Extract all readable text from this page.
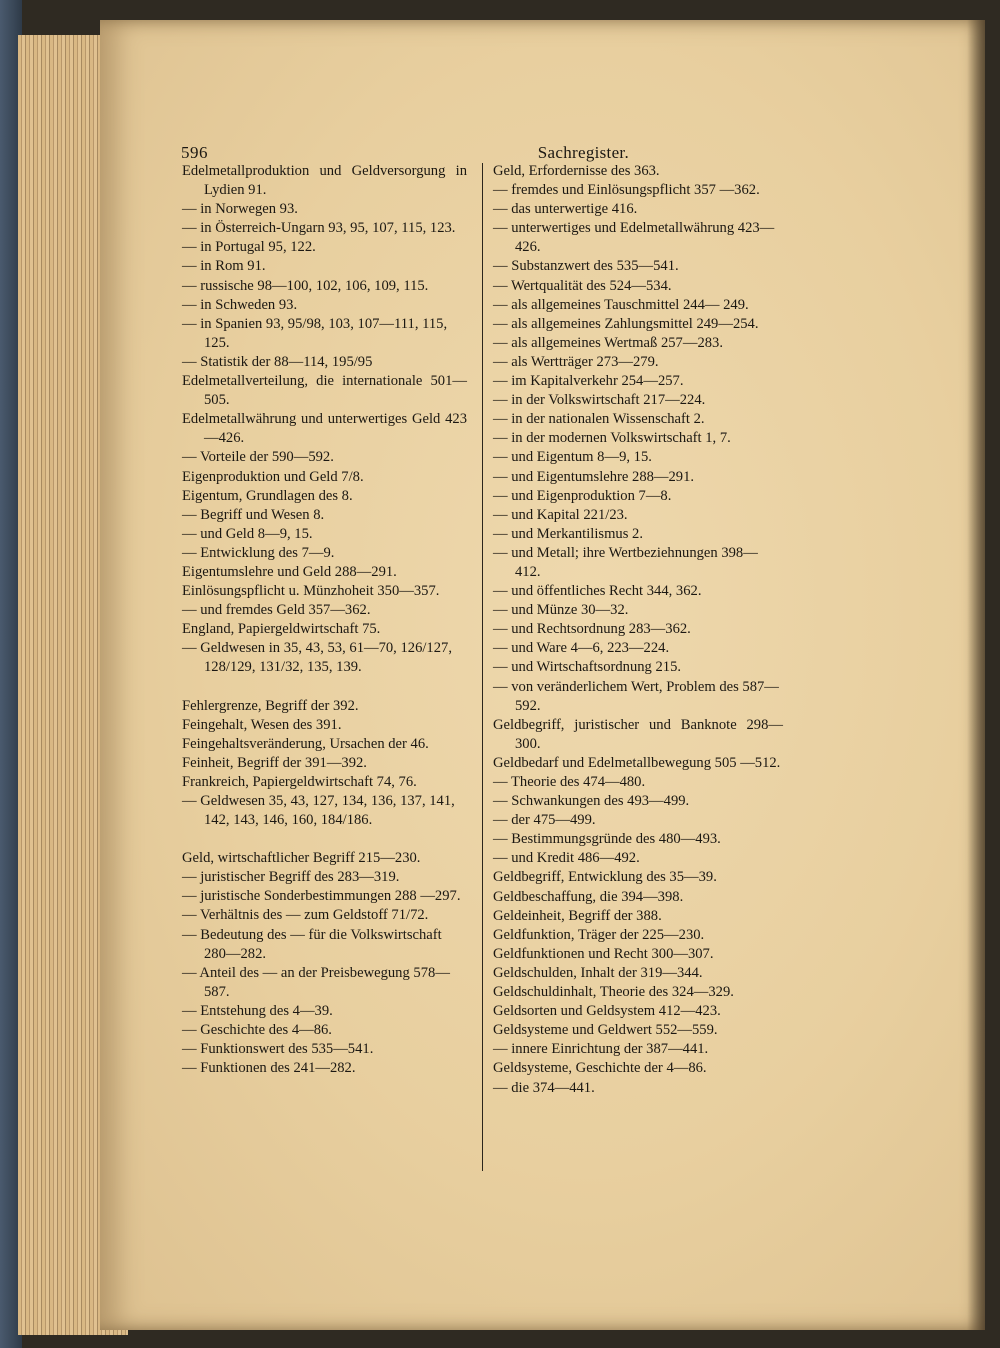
596	Sachregister.
Edelmetallproduktion und Geldversorgung in Lydien 91.
— in Norwegen 93.
— in Österreich-Ungarn 93, 95, 107, 115, 123.
— in Portugal 95, 122.
— in Rom 91.
— russische 98—100, 102, 106, 109, 115.
— in Schweden 93.
— in Spanien 93, 95/98, 103, 107—111, 115, 125.
— Statistik der 88—114, 195/95
Edelmetallverteilung, die internationale 501—505.
Edelmetallwährung und unterwertiges Geld 423—426.
— Vorteile der 590—592.
Eigenproduktion und Geld 7/8.
Eigentum, Grundlagen des 8.
— Begriff und Wesen 8.
— und Geld 8—9, 15.
— Entwicklung des 7—9.
Eigentumslehre und Geld 288—291.
Einlösungspflicht u. Münzhoheit 350—357.
— und fremdes Geld 357—362.
England, Papiergeldwirtschaft 75.
— Geldwesen in 35, 43, 53, 61—70, 126/127, 128/129, 131/32, 135, 139.
Fehlergrenze, Begriff der 392.
Feingehalt, Wesen des 391.
Feingehaltsveränderung, Ursachen der 46.
Feinheit, Begriff der 391—392.
Frankreich, Papiergeldwirtschaft 74, 76.
— Geldwesen 35, 43, 127, 134, 136, 137, 141, 142, 143, 146, 160, 184/186.
Geld, wirtschaftlicher Begriff 215—230.
— juristischer Begriff des 283—319.
— juristische Sonderbestimmungen 288 —297.
— Verhältnis des — zum Geldstoff 71/72.
— Bedeutung des — für die Volkswirtschaft 280—282.
— Anteil des — an der Preisbewegung 578—587.
— Entstehung des 4—39.
— Geschichte des 4—86.
— Funktionswert des 535—541.
— Funktionen des 241—282.
Geld, Erfordernisse des 363.
— fremdes und Einlösungspflicht 357 —362.
— das unterwertige 416.
— unterwertiges und Edelmetallwährung 423—426.
— Substanzwert des 535—541.
— Wertqualität des 524—534.
— als allgemeines Tauschmittel 244— 249.
— als allgemeines Zahlungsmittel 249—254.
— als allgemeines Wertmaß 257—283.
— als Wertträger 273—279.
— im Kapitalverkehr 254—257.
— in der Volkswirtschaft 217—224.
— in der nationalen Wissenschaft 2.
— in der modernen Volkswirtschaft 1, 7.
— und Eigentum 8—9, 15.
— und Eigentumslehre 288—291.
— und Eigenproduktion 7—8.
— und Kapital 221/23.
— und Merkantilismus 2.
— und Metall; ihre Wertbeziehnungen 398—412.
— und öffentliches Recht 344, 362.
— und Münze 30—32.
— und Rechtsordnung 283—362.
— und Ware 4—6, 223—224.
— und Wirtschaftsordnung 215.
— von veränderlichem Wert, Problem des 587—592.
Geldbegriff, juristischer und Banknote 298—300.
Geldbedarf und Edelmetallbewegung 505 —512.
— Theorie des 474—480.
— Schwankungen des 493—499.
— der 475—499.
— Bestimmungsgründe des 480—493.
— und Kredit 486—492.
Geldbegriff, Entwicklung des 35—39.
Geldbeschaffung, die 394—398.
Geldeinheit, Begriff der 388.
Geldfunktion, Träger der 225—230.
Geldfunktionen und Recht 300—307.
Geldschulden, Inhalt der 319—344.
Geldschuldinhalt, Theorie des 324—329.
Geldsorten und Geldsystem 412—423.
Geldsysteme und Geldwert 552—559.
— innere Einrichtung der 387—441.
Geldsysteme, Geschichte der 4—86.
— die 374—441.
